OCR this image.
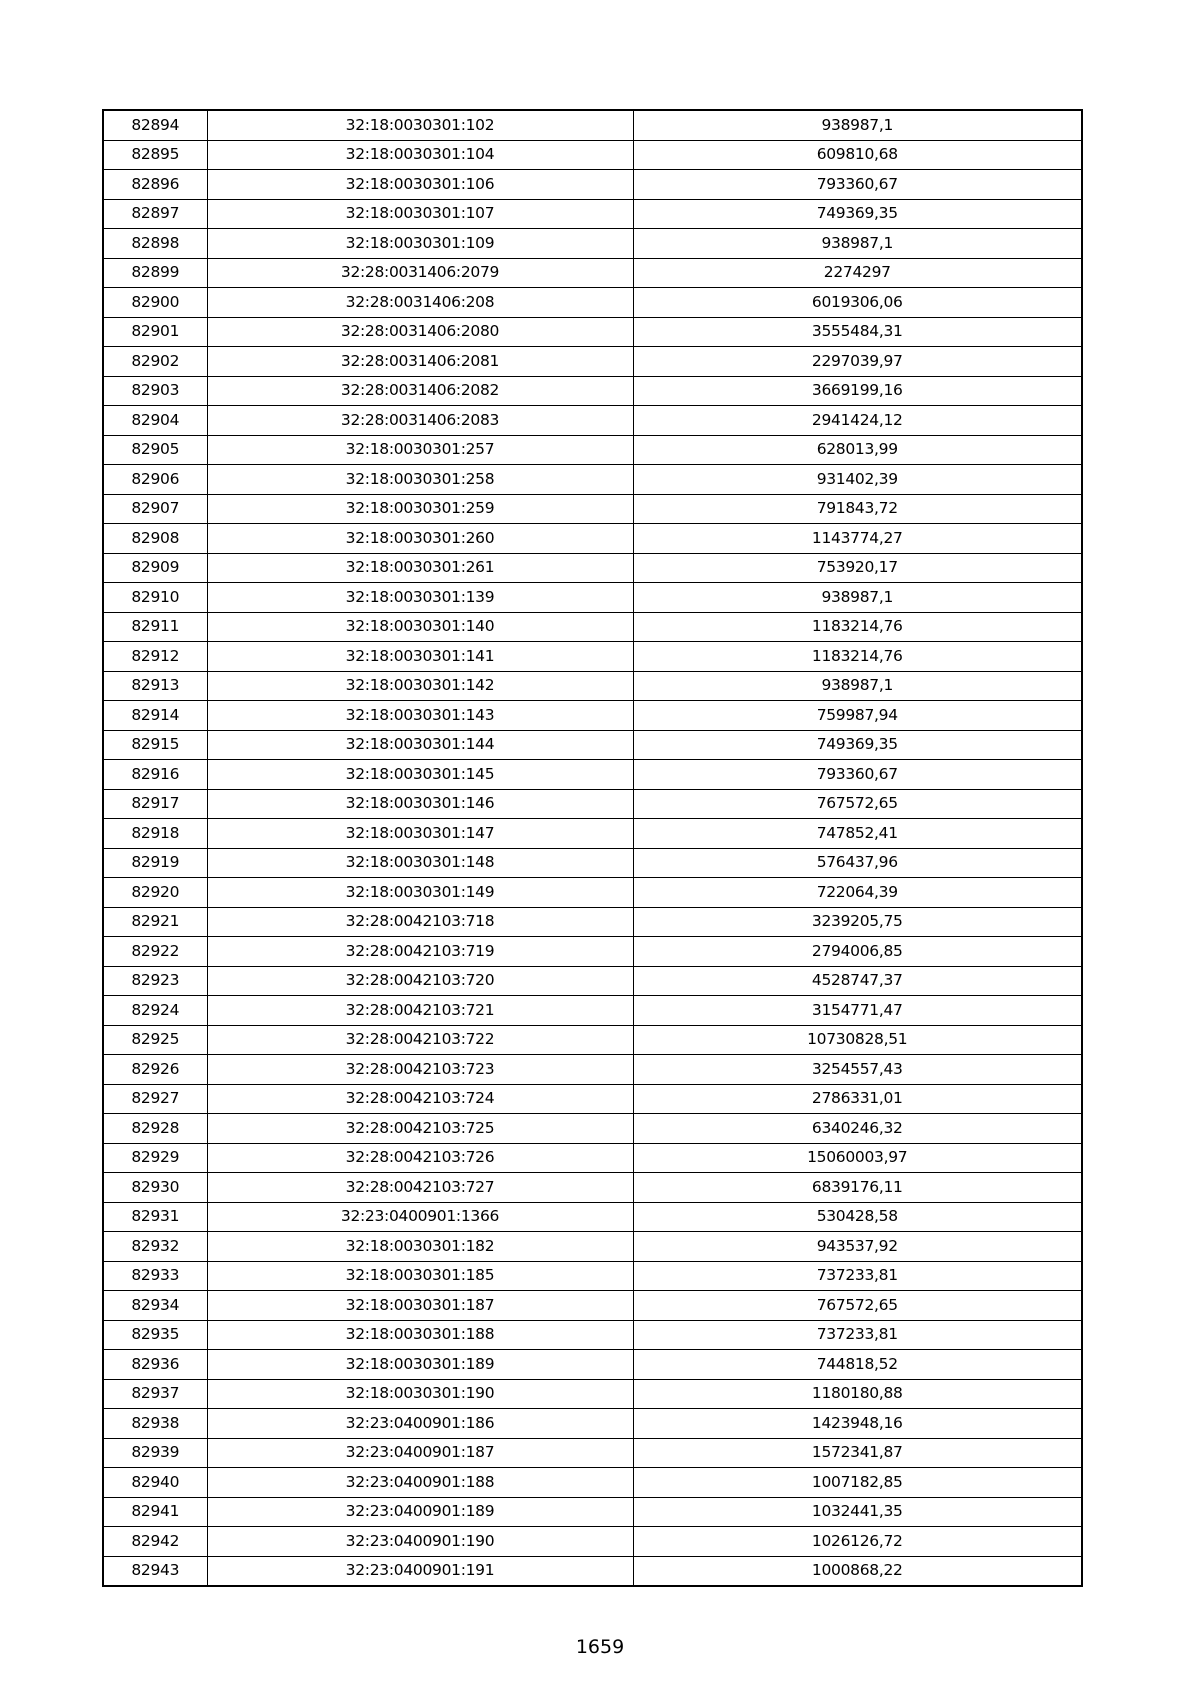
82894	32:18:0030301:102	938987,1
82895	32:18:0030301:104	609810,68
82896	32:18:0030301:106	793360,67
82897	32:18:0030301:107	749369,35
82898	32:18:0030301:109	938987,1
82899	32:28:0031406:2079	2274297
82900	32:28:0031406:208	6019306,06
82901	32:28:0031406:2080	3555484,31
82902	32:28:0031406:2081	2297039,97
82903	32:28:0031406:2082	3669199,16
82904	32:28:0031406:2083	2941424,12
82905	32:18:0030301:257	628013,99
82906	32:18:0030301:258	931402,39
82907	32:18:0030301:259	791843,72
82908	32:18:0030301:260	1143774,27
82909	32:18:0030301:261	753920,17
82910	32:18:0030301:139	938987,1
82911	32:18:0030301:140	1183214,76
82912	32:18:0030301:141	1183214,76
82913	32:18:0030301:142	938987,1
82914	32:18:0030301:143	759987,94
82915	32:18:0030301:144	749369,35
82916	32:18:0030301:145	793360,67
82917	32:18:0030301:146	767572,65
82918	32:18:0030301:147	747852,41
82919	32:18:0030301:148	576437,96
82920	32:18:0030301:149	722064,39
82921	32:28:0042103:718	3239205,75
82922	32:28:0042103:719	2794006,85
82923	32:28:0042103:720	4528747,37
82924	32:28:0042103:721	3154771,47
82925	32:28:0042103:722	10730828,51
82926	32:28:0042103:723	3254557,43
82927	32:28:0042103:724	2786331,01
82928	32:28:0042103:725	6340246,32
82929	32:28:0042103:726	15060003,97
82930	32:28:0042103:727	6839176,11
82931	32:23:0400901:1366	530428,58
82932	32:18:0030301:182	943537,92
82933	32:18:0030301:185	737233,81
82934	32:18:0030301:187	767572,65
82935	32:18:0030301:188	737233,81
82936	32:18:0030301:189	744818,52
82937	32:18:0030301:190	1180180,88
82938	32:23:0400901:186	1423948,16
82939	32:23:0400901:187	1572341,87
82940	32:23:0400901:188	1007182,85
82941	32:23:0400901:189	1032441,35
82942	32:23:0400901:190	1026126,72
82943	32:23:0400901:191	1000868,22
1659
